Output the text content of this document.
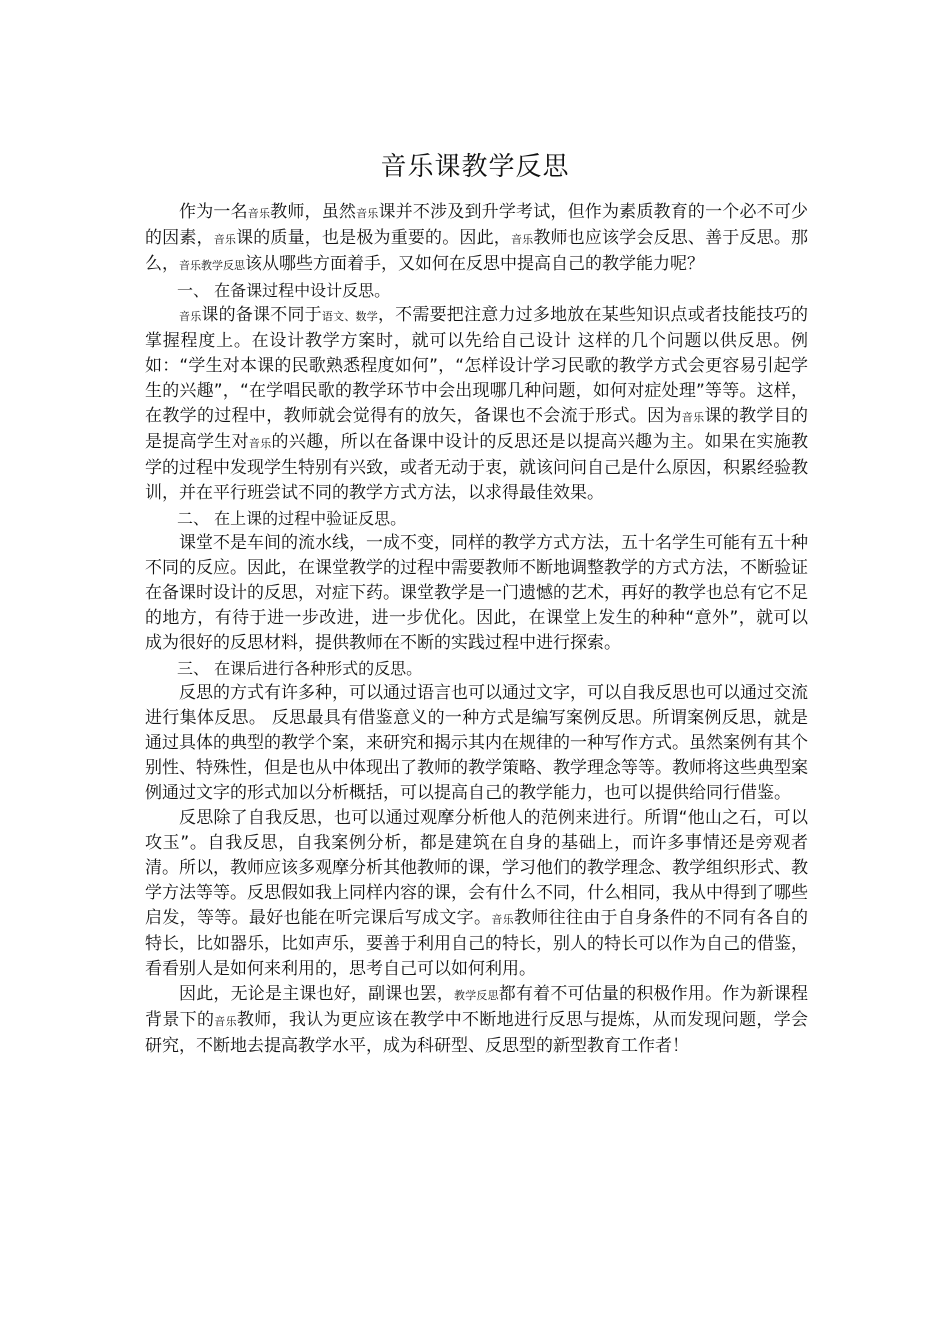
音乐课教学反思

作为一名音乐教师，虽然音乐课并不涉及到升学考试，但作为素质教育的一个必不可少的因素，音乐课的质量，也是极为重要的。因此，音乐教师也应该学会反思、善于反思。那么，音乐教学反思该从哪些方面着手，又如何在反思中提高自己的教学能力呢？

一、 在备课过程中设计反思。

音乐课的备课不同于语文、数学，不需要把注意力过多地放在某些知识点或者技能技巧的掌握程度上。在设计教学方案时，就可以先给自己设计 这样的几个问题以供反思。例如：“学生对本课的民歌熟悉程度如何”，“怎样设计学习民歌的教学方式会更容易引起学生的兴趣”，“在学唱民歌的教学环节中会出现哪几种问题，如何对症处理”等等。这样，在教学的过程中，教师就会觉得有的放矢，备课也不会流于形式。因为音乐课的教学目的是提高学生对音乐的兴趣，所以在备课中设计的反思还是以提高兴趣为主。如果在实施教学的过程中发现学生特别有兴致，或者无动于衷，就该问问自己是什么原因，积累经验教训，并在平行班尝试不同的教学方式方法，以求得最佳效果。

二、 在上课的过程中验证反思。

课堂不是车间的流水线，一成不变，同样的教学方式方法，五十名学生可能有五十种不同的反应。因此，在课堂教学的过程中需要教师不断地调整教学的方式方法，不断验证在备课时设计的反思，对症下药。课堂教学是一门遗憾的艺术，再好的教学也总有它不足的地方，有待于进一步改进，进一步优化。因此，在课堂上发生的种种“意外”，就可以成为很好的反思材料，提供教师在不断的实践过程中进行探索。

三、 在课后进行各种形式的反思。

反思的方式有许多种，可以通过语言也可以通过文字，可以自我反思也可以通过交流进行集体反思。 反思最具有借鉴意义的一种方式是编写案例反思。所谓案例反思，就是通过具体的典型的教学个案，来研究和揭示其内在规律的一种写作方式。虽然案例有其个别性、特殊性，但是也从中体现出了教师的教学策略、教学理念等等。教师将这些典型案例通过文字的形式加以分析概括，可以提高自己的教学能力，也可以提供给同行借鉴。

反思除了自我反思，也可以通过观摩分析他人的范例来进行。所谓“他山之石，可以攻玉”。自我反思，自我案例分析，都是建筑在自身的基础上，而许多事情还是旁观者清。所以，教师应该多观摩分析其他教师的课，学习他们的教学理念、教学组织形式、教学方法等等。反思假如我上同样内容的课，会有什么不同，什么相同，我从中得到了哪些启发，等等。最好也能在听完课后写成文字。音乐教师往往由于自身条件的不同有各自的特长，比如器乐，比如声乐，要善于利用自己的特长，别人的特长可以作为自己的借鉴，看看别人是如何来利用的，思考自己可以如何利用。

因此，无论是主课也好，副课也罢，教学反思都有着不可估量的积极作用。作为新课程背景下的音乐教师，我认为更应该在教学中不断地进行反思与提炼，从而发现问题，学会研究，不断地去提高教学水平，成为科研型、反思型的新型教育工作者！
